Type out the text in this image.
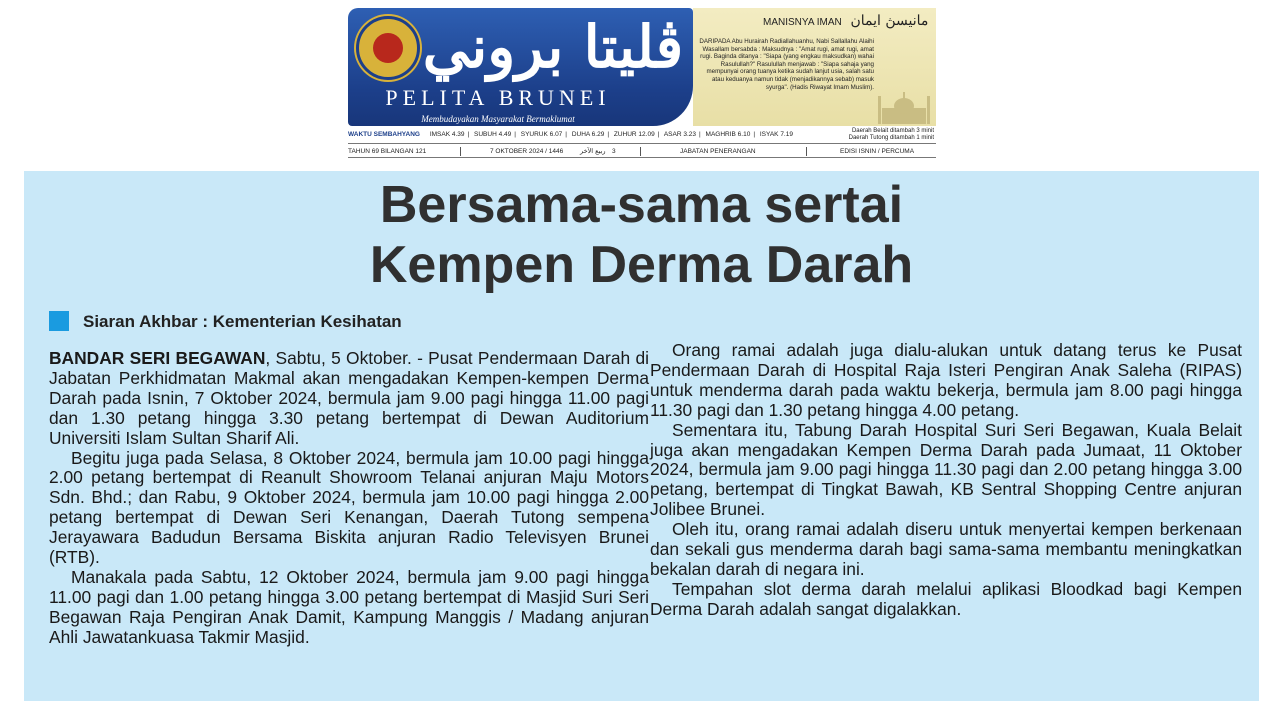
ڤليتا بروني
PELITA BRUNEI
Membudayakan Masyarakat Bermaklumat
MANISNYA IMAN مانيسڽ ايمان
DARIPADA Abu Hurairah Radiallahuanhu, Nabi Sallallahu Alaihi Wasallam bersabda : Maksudnya : "Amat rugi, amat rugi, amat rugi. Baginda ditanya : "Siapa (yang engkau maksudkan) wahai Rasulullah?" Rasulullah menjawab : "Siapa sahaja yang mempunyai orang tuanya ketika sudah lanjut usia, salah satu atau keduanya namun tidak (menjadikannya sebab) masuk syurga". (Hadis Riwayat Imam Muslim).
WAKTU SEMBAHYANG IMSAK 4.39 | SUBUH 4.49 | SYURUK 6.07 | DUHA 6.29 | ZUHUR 12.09 | ASAR 3.23 | MAGHRIB 6.10 | ISYAK 7.19	Daerah Belait ditambah 3 minit
Daerah Tutong ditambah 1 minit
TAHUN 69 BILANGAN 121	7 OKTOBER 2024 / 1446	ربيع الآخر 3	JABATAN PENERANGAN	EDISI ISNIN / PERCUMA
Bersama-sama sertai
Kempen Derma Darah
Siaran Akhbar : Kementerian Kesihatan

BANDAR SERI BEGAWAN, Sabtu, 5 Oktober. - Pusat Pendermaan Darah di Jabatan Perkhidmatan Makmal akan mengadakan Kempen-kempen Derma Darah pada Isnin, 7 Oktober 2024, bermula jam 9.00 pagi hingga 11.00 pagi dan 1.30 petang hingga 3.30 petang bertempat di Dewan Auditorium Universiti Islam Sultan Sharif Ali.

Begitu juga pada Selasa, 8 Oktober 2024, bermula jam 10.00 pagi hingga 2.00 petang bertempat di Reanult Showroom Telanai anjuran Maju Motors Sdn. Bhd.; dan Rabu, 9 Oktober 2024, bermula jam 10.00 pagi hingga 2.00 petang bertempat di Dewan Seri Kenangan, Daerah Tutong sempena Jerayawara Badudun Bersama Biskita anjuran Radio Televisyen Brunei (RTB).

Manakala pada Sabtu, 12 Oktober 2024, bermula jam 9.00 pagi hingga 11.00 pagi dan 1.00 petang hingga 3.00 petang bertempat di Masjid Suri Seri Begawan Raja Pengiran Anak Damit, Kampung Manggis / Madang anjuran Ahli Jawatankuasa Takmir Masjid.

Orang ramai adalah juga dialu-alukan untuk datang terus ke Pusat Pendermaan Darah di Hospital Raja Isteri Pengiran Anak Saleha (RIPAS) untuk menderma darah pada waktu bekerja, bermula jam 8.00 pagi hingga 11.30 pagi dan 1.30 petang hingga 4.00 petang.

Sementara itu, Tabung Darah Hospital Suri Seri Begawan, Kuala Belait juga akan mengadakan Kempen Derma Darah pada Jumaat, 11 Oktober 2024, bermula jam 9.00 pagi hingga 11.30 pagi dan 2.00 petang hingga 3.00 petang, bertempat di Tingkat Bawah, KB Sentral Shopping Centre anjuran Jolibee Brunei.

Oleh itu, orang ramai adalah diseru untuk menyertai kempen berkenaan dan sekali gus menderma darah bagi sama-sama membantu meningkatkan bekalan darah di negara ini.

Tempahan slot derma darah melalui aplikasi Bloodkad bagi Kempen Derma Darah adalah sangat digalakkan.
